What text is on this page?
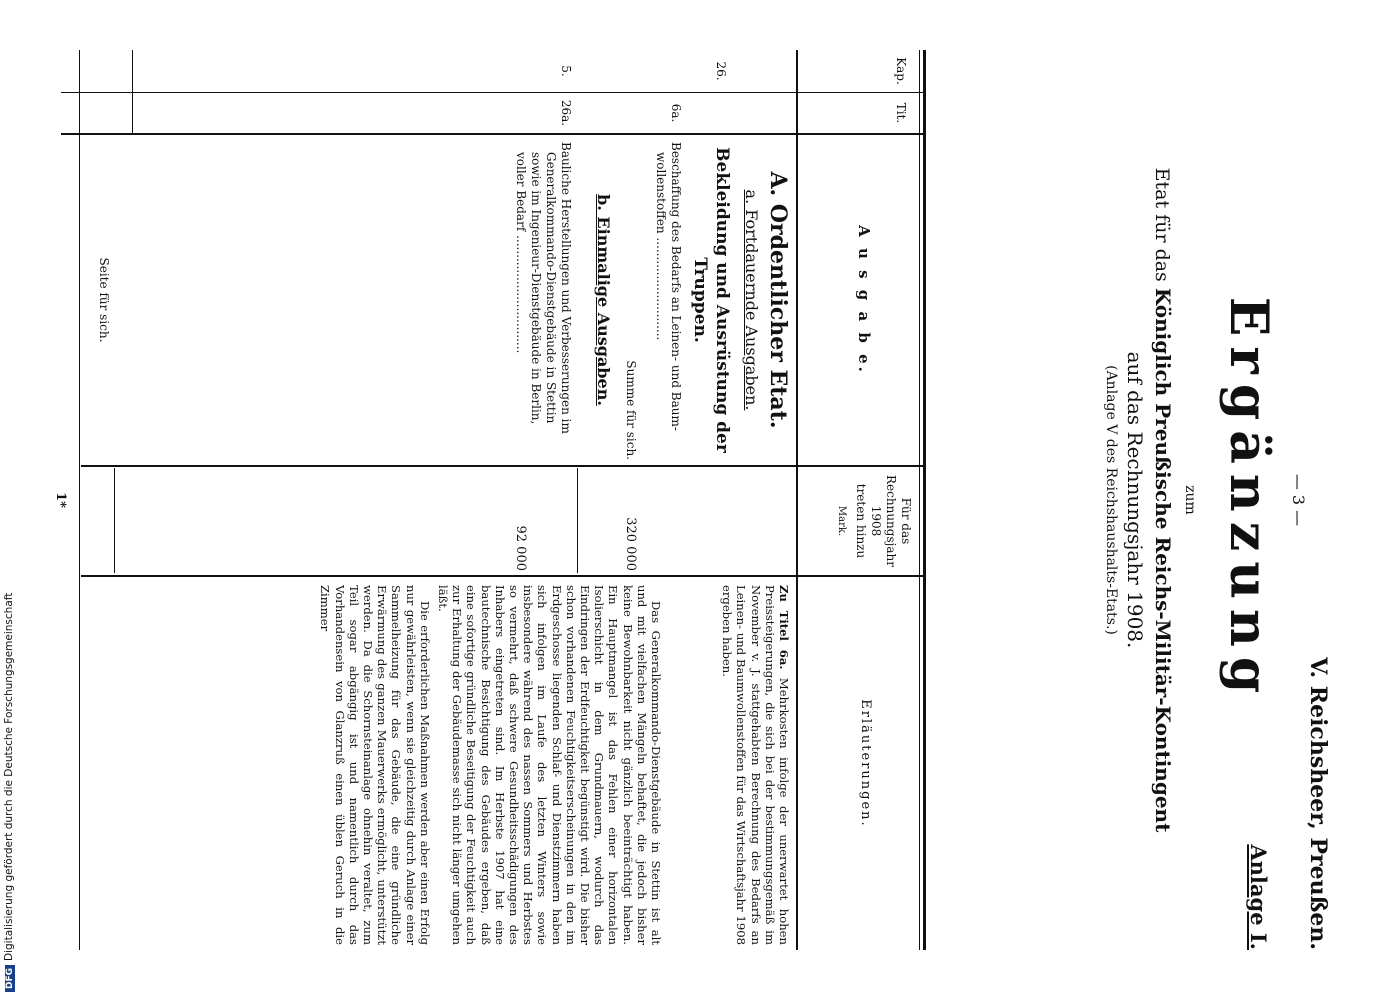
DFGDigitalisierung gefördert durch die Deutsche Forschungsgemeinschaft
— 3 —
V. Reichsheer, Preußen.
Anlage I.
Ergänzung
zum
Etat für das Königlich Preußische Reichs-Militär-Kontingent
auf das Rechnungsjahr 1908.
(Anlage V des Reichshaushalts-Etats.)
Kap.
Tit.
A u s g a b e.
Für das
Rechnungsjahr
1908
treten hinzu
Mark.
Erläuterungen.
A. Ordentlicher Etat.
a. Fortdauernde Ausgaben.
Bekleidung und Ausrüstung der
Truppen.
26.
6a.
Beschaffung des Bedarfs an Leinen- und Baum-
wollenstoffen ...........................
Summe für sich.
320 000
b. Einmalige Ausgaben.
5.
26a.
Bauliche Herstellungen und Verbesserungen im
Generalkommando-Dienstgebäude in Stettin
sowie im Ingenieur-Dienstgebäude in Berlin,
voller Bedarf ...............................
92 000
Seite für sich.
Zu Titel 6a. Mehrkosten infolge der unerwartet hohen Preissteigerungen, die sich bei der bestimmungsgemäß im November v. J. stattgehabten Berechnung des Bedarfs an Leinen- und Baumwollenstoffen für das Wirtschaftsjahr 1908 ergeben haben.
Das Generalkommando-Dienstgebäude in Stettin ist alt und mit vielfachen Mängeln behaftet, die jedoch bisher keine Bewohnbarkeit nicht gänzlich beeinträchtigt haben. Ein Hauptmangel ist das Fehlen einer horizontalen Isolierschicht in dem Grundmauern, wodurch das Eindringen der Erdfeuchtigkeit begünstigt wird. Die bisher schon vorhandenen Feuchtigkeitserscheinungen in den im Erdgeschosse liegenden Schlaf- und Dienstzimmern haben sich infolgen im Laufe des letzten Winters sowie insbesondere während des nassen Sommers und Herbstes so vermehrt, daß schwere Gesundheitsschädigungen des Inhabers eingetreten sind. Im Herbste 1907 hat eine bautechnische Besichtigung des Gebäudes ergeben, daß eine sofortige gründliche Beseitigung der Feuchtigkeit auch zur Erhaltung der Gebäudemasse sich nicht länger umgehen läßt.
Die erforderlichen Maßnahmen werden aber einen Erfolg nur gewährleisten, wenn sie gleichzeitig durch Anlage einer Sammelheizung für das Gebäude, die eine gründliche Erwärmung des ganzen Mauerwerks ermöglicht, unterstützt werden. Da die Schornsteinanlage ohnehin veraltet, zum Teil sogar abgängig ist und namentlich durch das Vorhandensein von Glanzruß einen üblen Geruch in die Zimmer
1*
